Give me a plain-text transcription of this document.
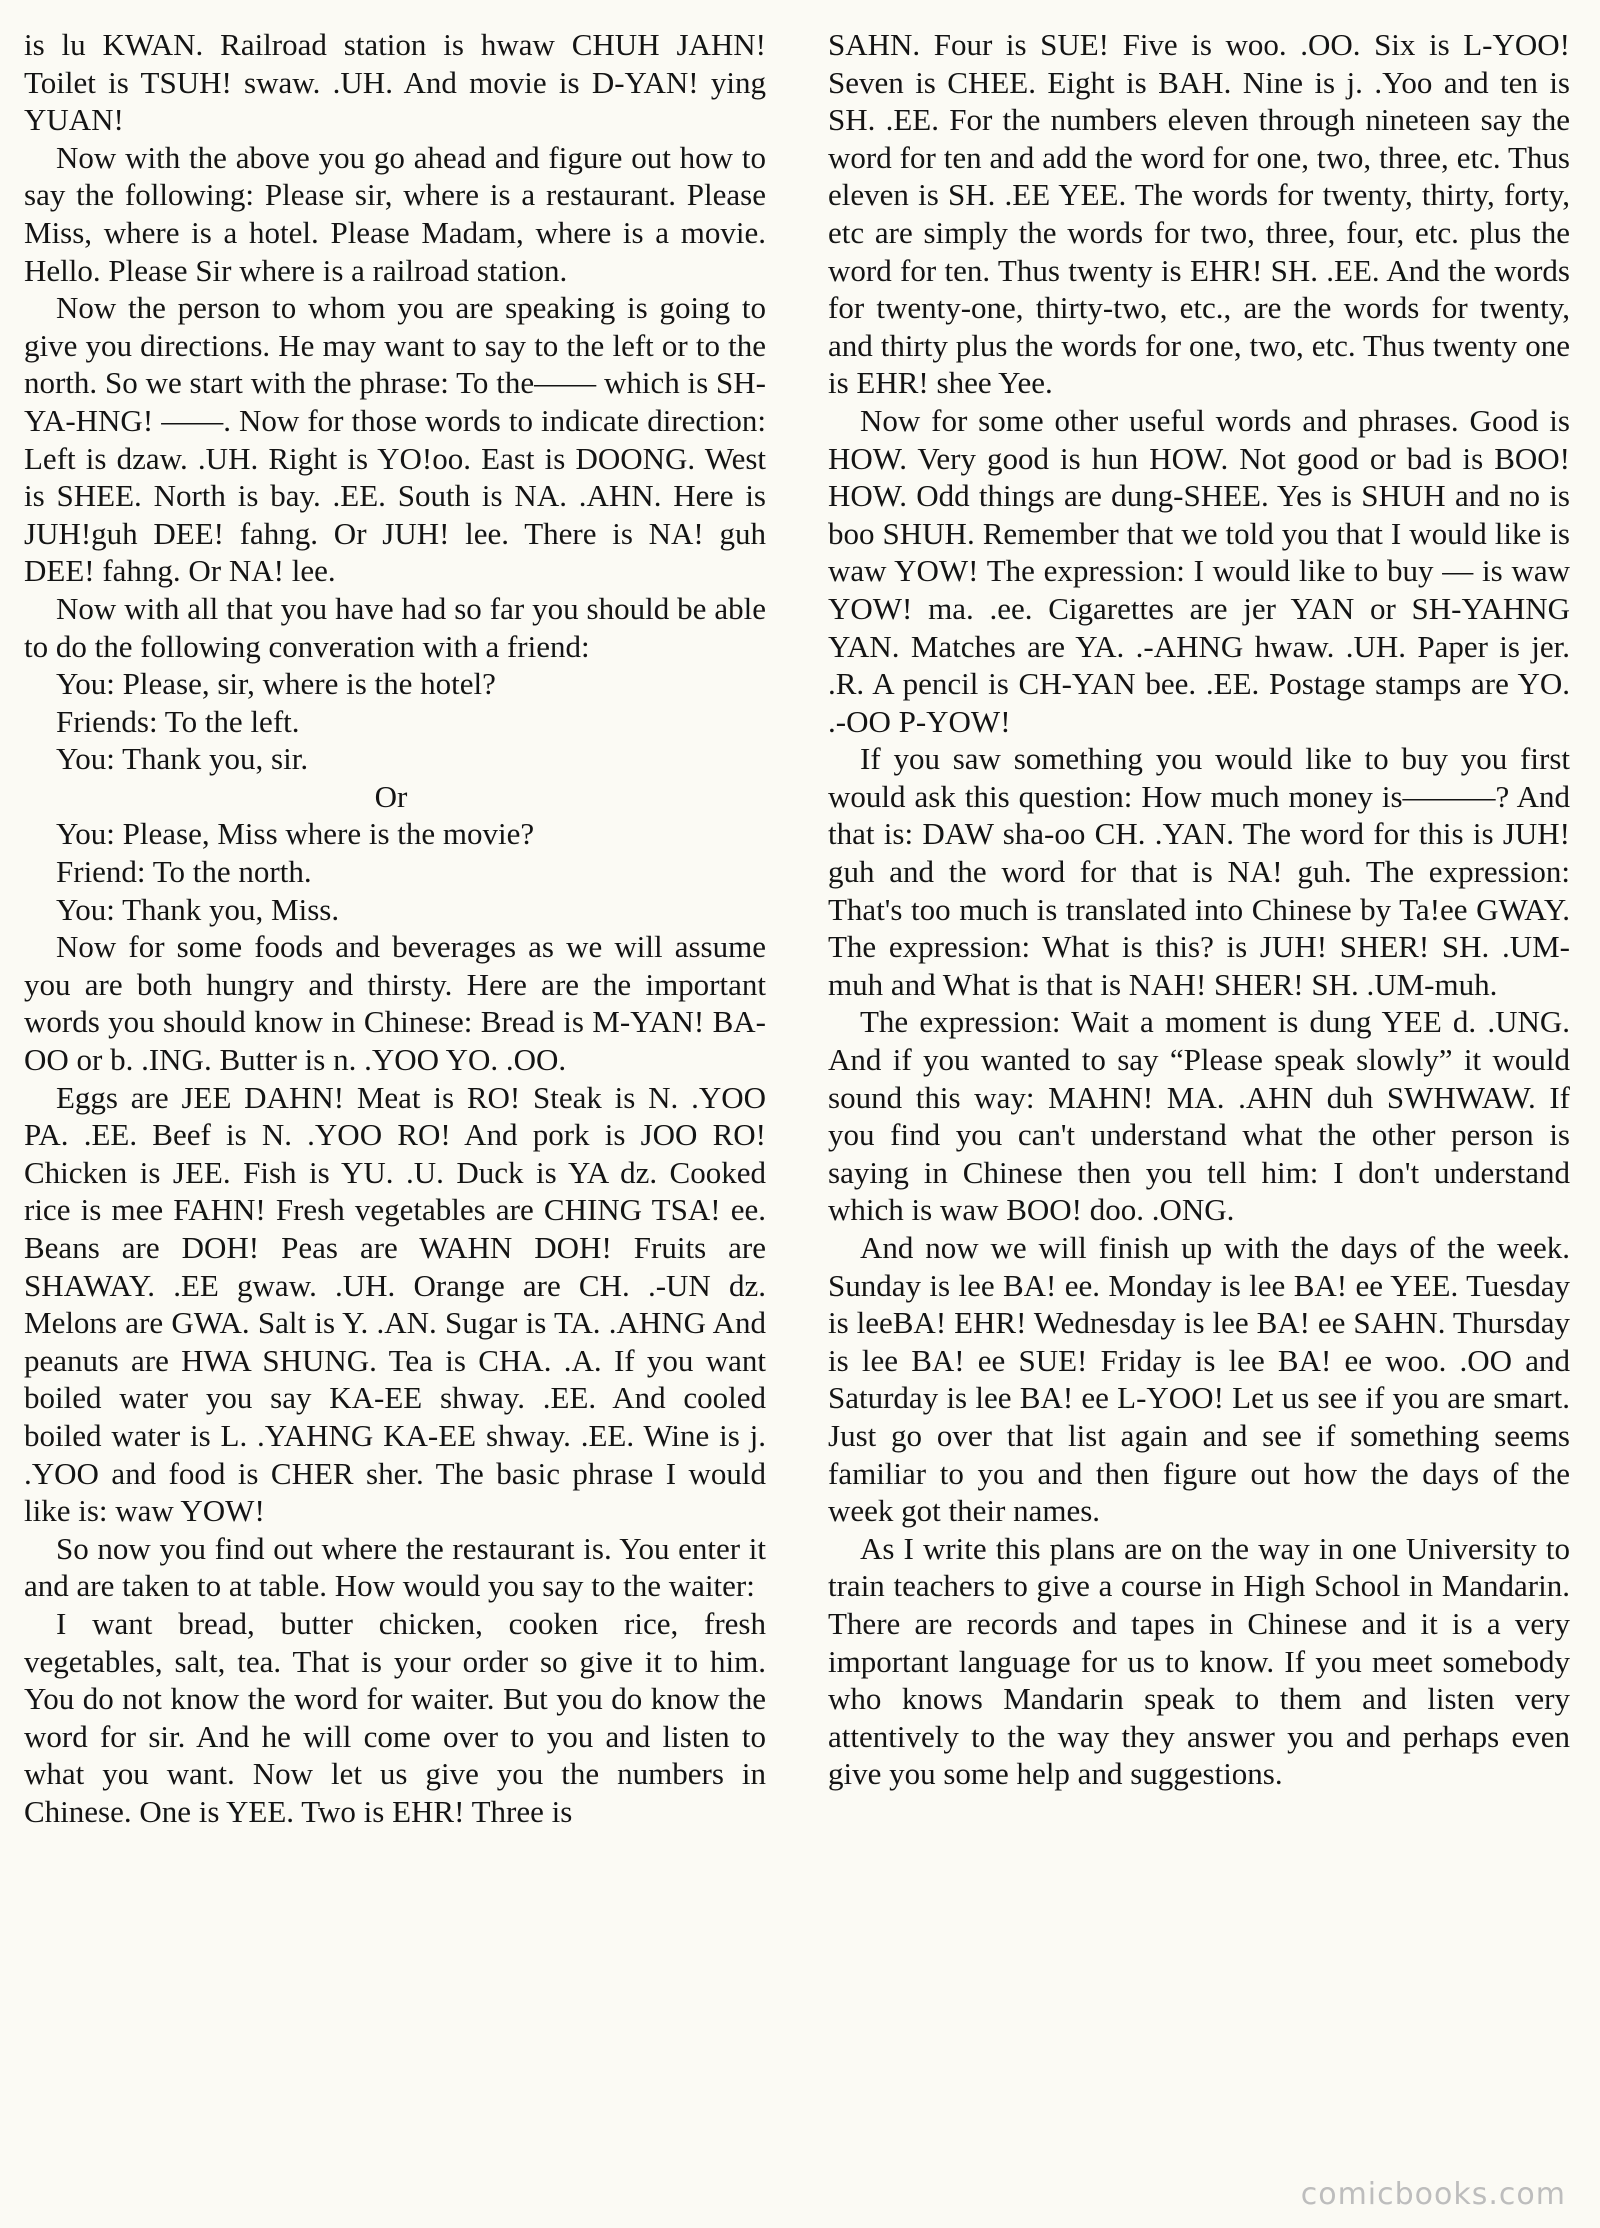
is lu KWAN. Railroad station is hwaw CHUH JAHN! Toilet is TSUH! swaw. .UH. And movie is D-YAN! ying YUAN!

Now with the above you go ahead and figure out how to say the following: Please sir, where is a restaurant. Please Miss, where is a hotel. Please Madam, where is a movie. Hello. Please Sir where is a railroad station.

Now the person to whom you are speaking is going to give you directions. He may want to say to the left or to the north. So we start with the phrase: To the—— which is SH-YA-HNG! ——. Now for those words to indicate direction: Left is dzaw. .UH. Right is YO!oo. East is DOONG. West is SHEE. North is bay. .EE. South is NA. .AHN. Here is JUH!guh DEE! fahng. Or JUH! lee. There is NA! guh DEE! fahng. Or NA! lee.

Now with all that you have had so far you should be able to do the following converation with a friend:

You: Please, sir, where is the hotel?
Friends: To the left.
You: Thank you, sir.
Or
You: Please, Miss where is the movie?
Friend: To the north.
You: Thank you, Miss.

Now for some foods and beverages as we will assume you are both hungry and thirsty. Here are the important words you should know in Chinese: Bread is M-YAN! BA-OO or b. .ING. Butter is n. .YOO YO. .OO.

Eggs are JEE DAHN! Meat is RO! Steak is N. .YOO PA. .EE. Beef is N. .YOO RO! And pork is JOO RO! Chicken is JEE. Fish is YU. .U. Duck is YA dz. Cooked rice is mee FAHN! Fresh vegetables are CHING TSA! ee. Beans are DOH! Peas are WAHN DOH! Fruits are SHAWAY. .EE gwaw. .UH. Orange are CH. .-UN dz. Melons are GWA. Salt is Y. .AN. Sugar is TA. .AHNG And peanuts are HWA SHUNG. Tea is CHA. .A. If you want boiled water you say KA-EE shway. .EE. And cooled boiled water is L. .YAHNG KA-EE shway. .EE. Wine is j. .YOO and food is CHER sher. The basic phrase I would like is: waw YOW!

So now you find out where the restaurant is. You enter it and are taken to at table. How would you say to the waiter:

I want bread, butter chicken, cooken rice, fresh vegetables, salt, tea. That is your order so give it to him. You do not know the word for waiter. But you do know the word for sir. And he will come over to you and listen to what you want. Now let us give you the numbers in Chinese. One is YEE. Two is EHR! Three is

SAHN. Four is SUE! Five is woo. .OO. Six is L-YOO! Seven is CHEE. Eight is BAH. Nine is j. .Yoo and ten is SH. .EE. For the numbers eleven through nineteen say the word for ten and add the word for one, two, three, etc. Thus eleven is SH. .EE YEE. The words for twenty, thirty, forty, etc are simply the words for two, three, four, etc. plus the word for ten. Thus twenty is EHR! SH. .EE. And the words for twenty-one, thirty-two, etc., are the words for twenty, and thirty plus the words for one, two, etc. Thus twenty one is EHR! shee Yee.

Now for some other useful words and phrases. Good is HOW. Very good is hun HOW. Not good or bad is BOO! HOW. Odd things are dung-SHEE. Yes is SHUH and no is boo SHUH. Remember that we told you that I would like is waw YOW! The expression: I would like to buy — is waw YOW! ma. .ee. Cigarettes are jer YAN or SH-YAHNG YAN. Matches are YA. .-AHNG hwaw. .UH. Paper is jer. .R. A pencil is CH-YAN bee. .EE. Postage stamps are YO. .-OO P-YOW!

If you saw something you would like to buy you first would ask this question: How much money is———? And that is: DAW sha-oo CH. .YAN. The word for this is JUH! guh and the word for that is NA! guh. The expression: That's too much is translated into Chinese by Ta!ee GWAY. The expression: What is this? is JUH! SHER! SH. .UM-muh and What is that is NAH! SHER! SH. .UM-muh.

The expression: Wait a moment is dung YEE d. .UNG. And if you wanted to say “Please speak slowly” it would sound this way: MAHN! MA. .AHN duh SWHWAW. If you find you can't understand what the other person is saying in Chinese then you tell him: I don't understand which is waw BOO! doo. .ONG.

And now we will finish up with the days of the week. Sunday is lee BA! ee. Monday is lee BA! ee YEE. Tuesday is leeBA! EHR! Wednesday is lee BA! ee SAHN. Thursday is lee BA! ee SUE! Friday is lee BA! ee woo. .OO and Saturday is lee BA! ee L-YOO! Let us see if you are smart. Just go over that list again and see if something seems familiar to you and then figure out how the days of the week got their names.

As I write this plans are on the way in one University to train teachers to give a course in High School in Mandarin. There are records and tapes in Chinese and it is a very important language for us to know. If you meet somebody who knows Mandarin speak to them and listen very attentively to the way they answer you and perhaps even give you some help and suggestions.

comicbooks.com
